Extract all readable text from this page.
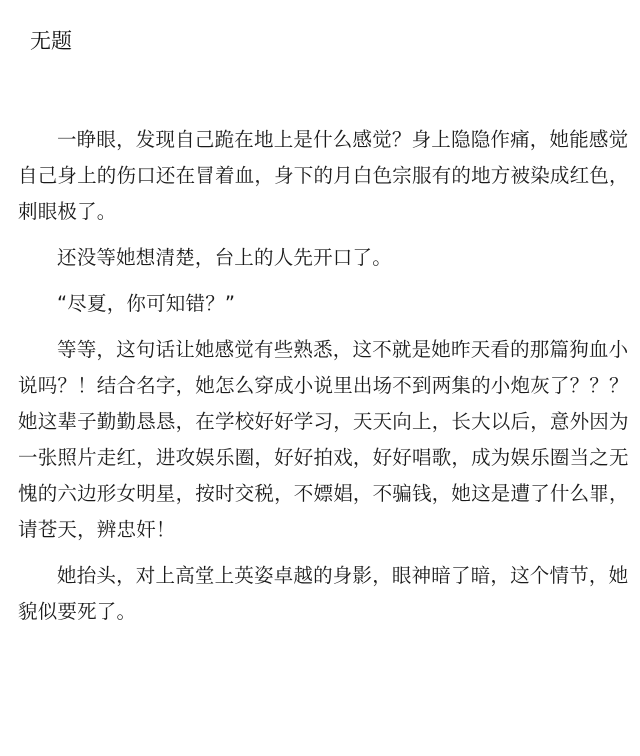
无题

一睁眼，发现自己跪在地上是什么感觉？身上隐隐作痛，她能感觉自己身上的伤口还在冒着血，身下的月白色宗服有的地方被染成红色，刺眼极了。

还没等她想清楚，台上的人先开口了。

“尽夏，你可知错？”

等等，这句话让她感觉有些熟悉，这不就是她昨天看的那篇狗血小说吗？！结合名字，她怎么穿成小说里出场不到两集的小炮灰了？？？她这辈子勤勤恳恳，在学校好好学习，天天向上，长大以后，意外因为一张照片走红，进攻娱乐圈，好好拍戏，好好唱歌，成为娱乐圈当之无愧的六边形女明星，按时交税，不嫖娼，不骗钱，她这是遭了什么罪，请苍天，辨忠奸！

她抬头，对上高堂上英姿卓越的身影，眼神暗了暗，这个情节，她貌似要死了。
